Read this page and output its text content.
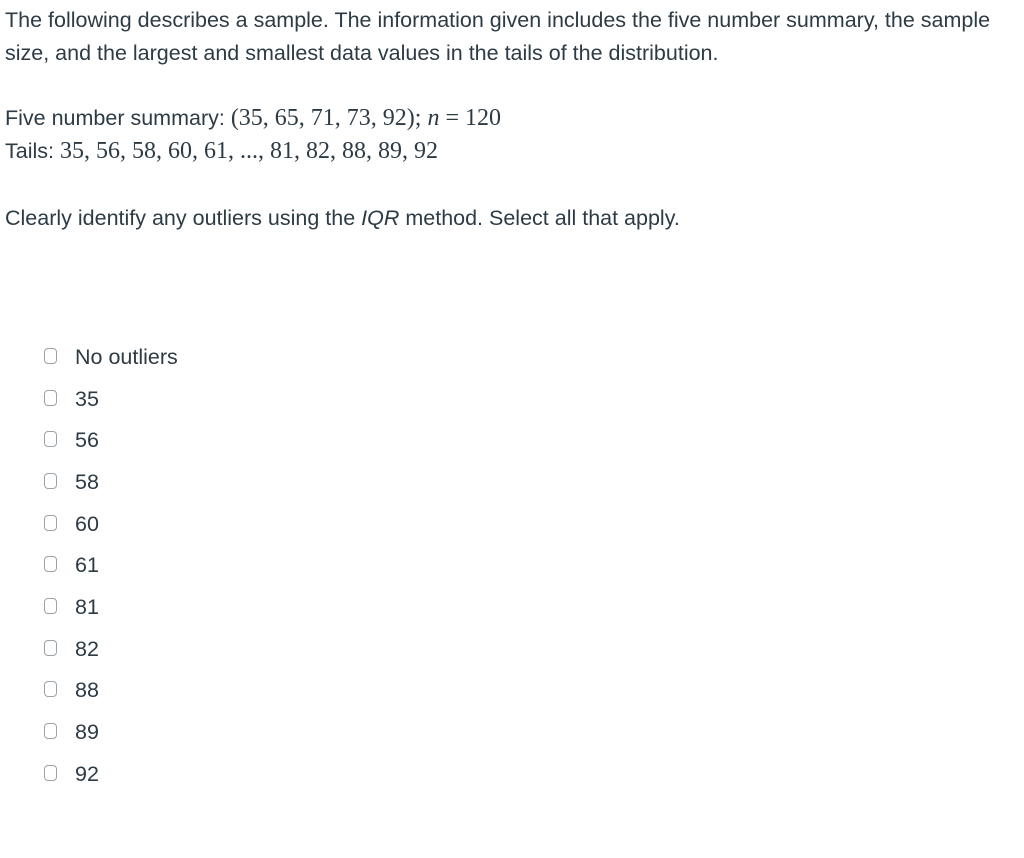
The following describes a sample. The information given includes the five number summary, the sample size, and the largest and smallest data values in the tails of the distribution.

Five number summary: (35, 65, 71, 73, 92); n = 120
Tails: 35, 56, 58, 60, 61, ..., 81, 82, 88, 89, 92
Clearly identify any outliers using the IQR method. Select all that apply.
No outliers
35
56
58
60
61
81
82
88
89
92
